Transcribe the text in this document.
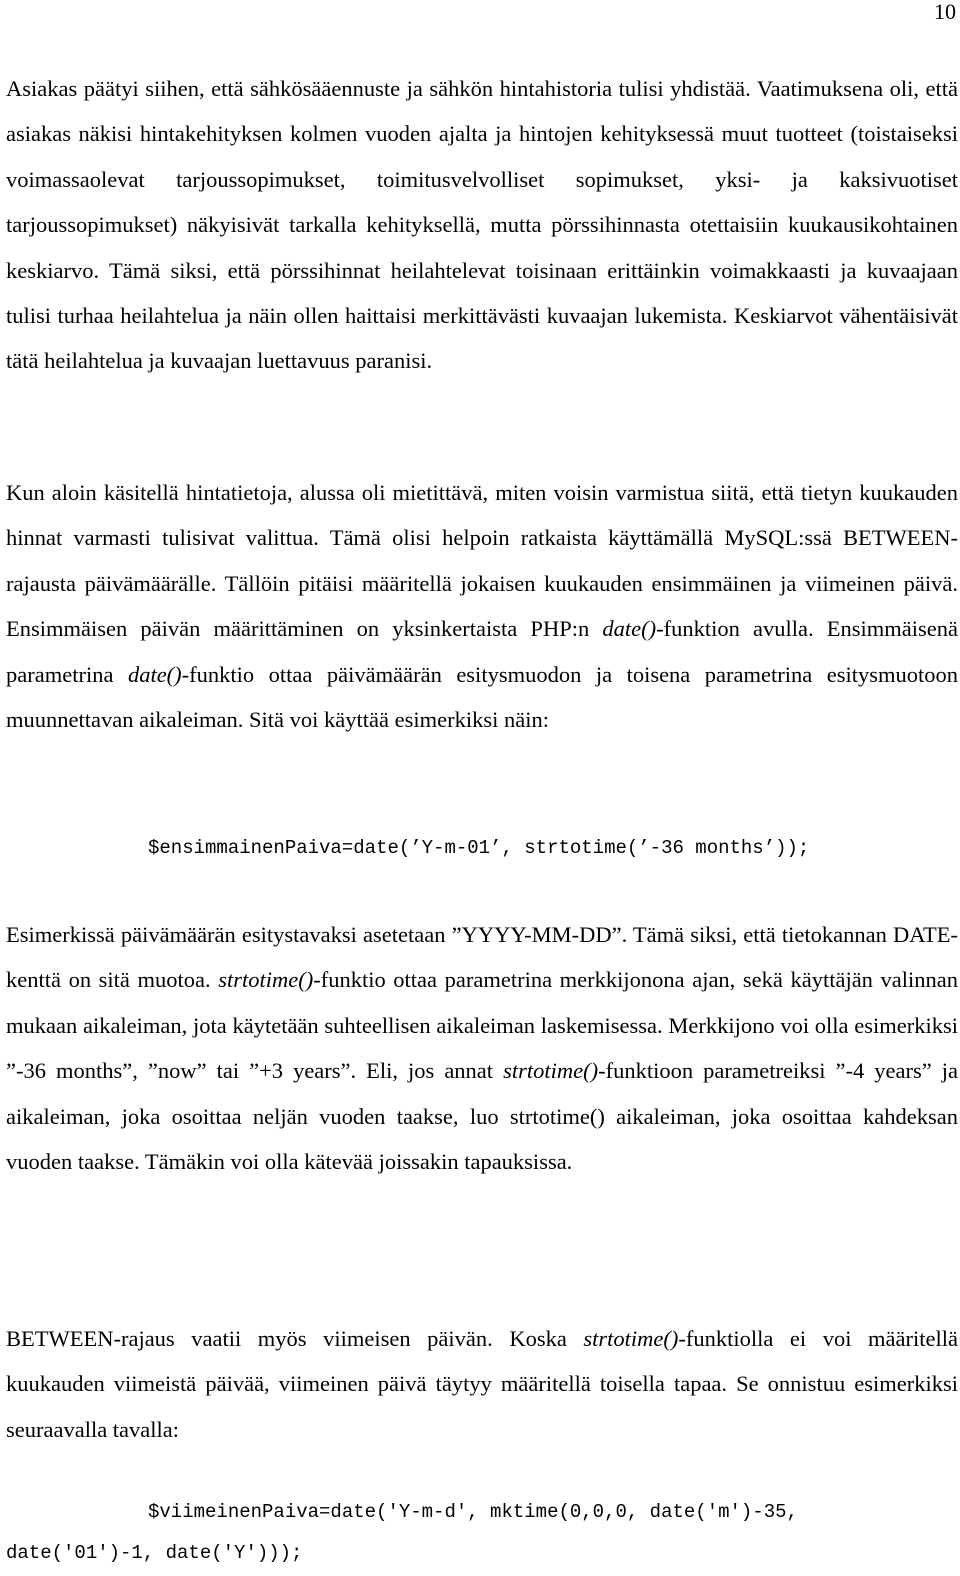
10
Asiakas päätyi siihen, että sähkösääennuste ja sähkön hintahistoria tulisi yhdistää. Vaatimuksena oli, että asiakas näkisi hintakehityksen kolmen vuoden ajalta ja hintojen kehityksessä muut tuotteet (toistaiseksi voimassaolevat tarjoussopimukset, toimitusvelvolliset sopimukset, yksi- ja kaksivuotiset tarjoussopimukset) näkyisivät tarkalla kehityksellä, mutta pörssihinnasta otettaisiin kuukausikohtainen keskiarvo. Tämä siksi, että pörssihinnat heilahtelevat toisinaan erittäinkin voimakkaasti ja kuvaajaan tulisi turhaa heilahtelua ja näin ollen haittaisi merkittävästi kuvaajan lukemista. Keskiarvot vähentäisivät tätä heilahtelua ja kuvaajan luettavuus paranisi.
Kun aloin käsitellä hintatietoja, alussa oli mietittävä, miten voisin varmistua siitä, että tietyn kuukauden hinnat varmasti tulisivat valittua. Tämä olisi helpoin ratkaista käyttämällä MySQL:ssä BETWEEN-rajausta päivämäärälle. Tällöin pitäisi määritellä jokaisen kuukauden ensimmäinen ja viimeinen päivä. Ensimmäisen päivän määrittäminen on yksinkertaista PHP:n date()-funktion avulla. Ensimmäisenä parametrina date()-funktio ottaa päivämäärän esitysmuodon ja toisena parametrina esitysmuotoon muunnettavan aikaleiman. Sitä voi käyttää esimerkiksi näin:
$ensimmainenPaiva=date(’Y-m-01’, strtotime(’-36 months’));
Esimerkissä päivämäärän esitystavaksi asetetaan ”YYYY-MM-DD”. Tämä siksi, että tietokannan DATE-kenttä on sitä muotoa. strtotime()-funktio ottaa parametrina merkkijonona ajan, sekä käyttäjän valinnan mukaan aikaleiman, jota käytetään suhteellisen aikaleiman laskemisessa. Merkkijono voi olla esimerkiksi ”-36 months”, ”now” tai ”+3 years”. Eli, jos annat strtotime()-funktioon parametreiksi ”-4 years” ja aikaleiman, joka osoittaa neljän vuoden taakse, luo strtotime() aikaleiman, joka osoittaa kahdeksan vuoden taakse. Tämäkin voi olla kätevää joissakin tapauksissa.
BETWEEN-rajaus vaatii myös viimeisen päivän. Koska strtotime()-funktiolla ei voi määritellä kuukauden viimeistä päivää, viimeinen päivä täytyy määritellä toisella tapaa. Se onnistuu esimerkiksi seuraavalla tavalla:
$viimeinenPaiva=date('Y-m-d', mktime(0,0,0, date('m')-35,
date('01')-1, date('Y')));
